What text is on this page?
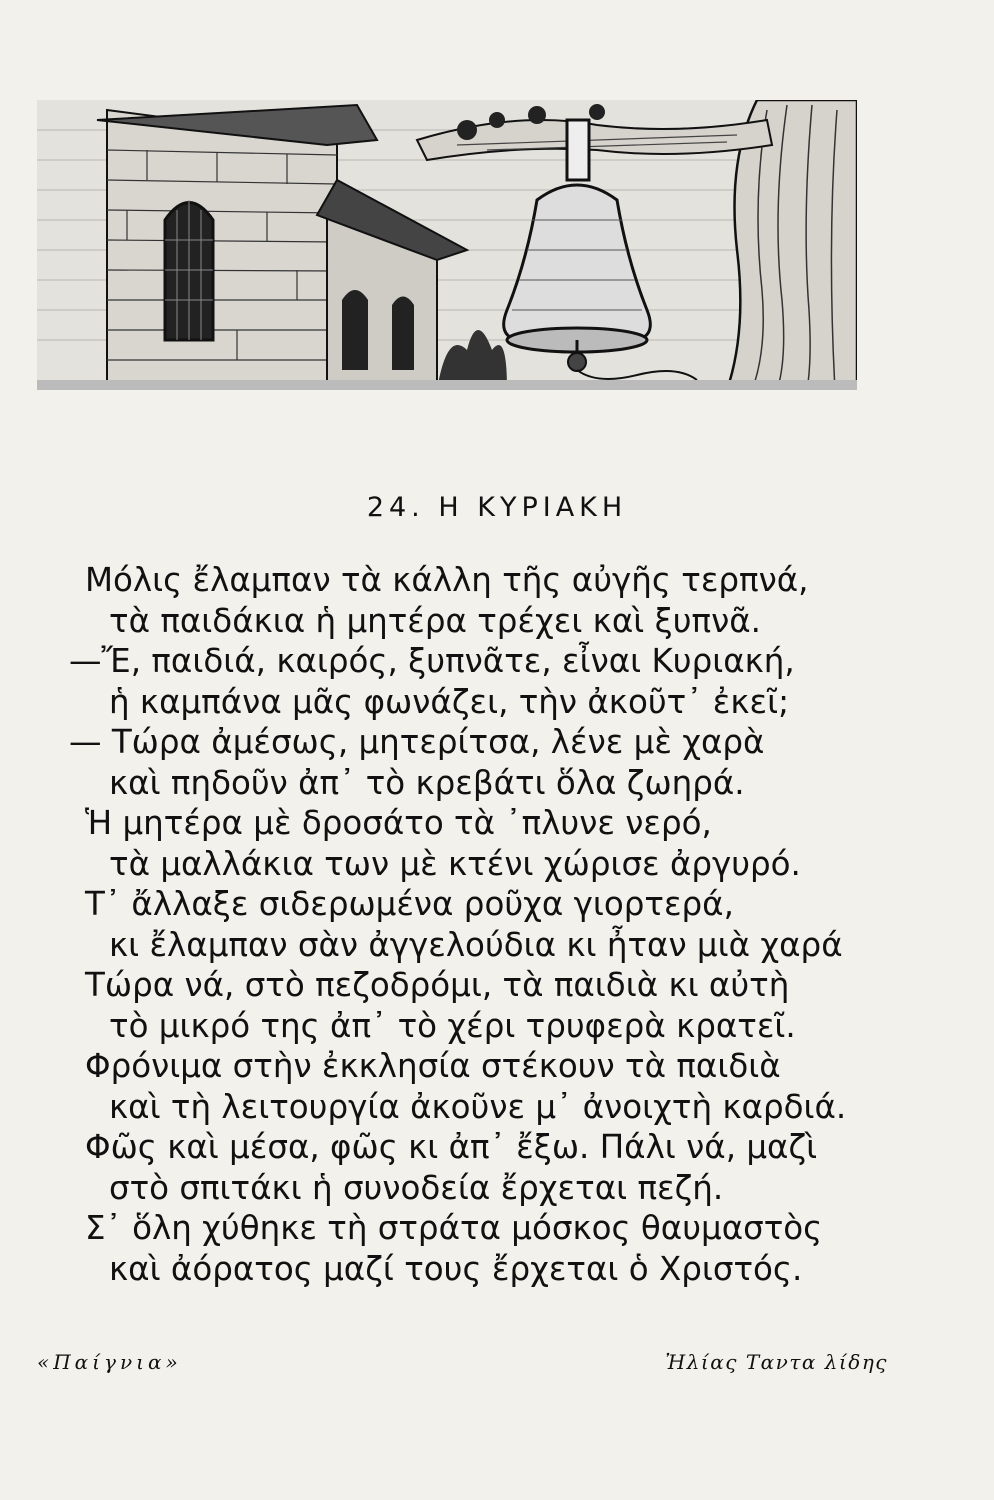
24. Η ΚΥΡΙΑΚΗ
Μόλις ἔλαμπαν τὰ κάλλη τῆς αὐγῆς τερπνά,
τὰ παιδάκια ἡ μητέρα τρέχει καὶ ξυπνᾶ.
—Ἔ, παιδιά, καιρός, ξυπνᾶτε, εἶναι Κυριακή,
ἡ καμπάνα μᾶς φωνάζει, τὴν ἀκοῦτ᾽ ἐκεῖ;
— Τώρα ἀμέσως, μητερίτσα, λένε μὲ χαρὰ
καὶ πηδοῦν ἀπ᾽ τὸ κρεβάτι ὅλα ζωηρά.
Ἡ μητέρα μὲ δροσάτο τὰ ᾽πλυνε νερό,
τὰ μαλλάκια των μὲ κτένι χώρισε ἀργυρό.
Τ᾽ ἄλλαξε σιδερωμένα ροῦχα γιορτερά,
κι ἔλαμπαν σὰν ἀγγελούδια κι ἦταν μιὰ χαρά
Τώρα νά, στὸ πεζοδρόμι, τὰ παιδιὰ κι αὐτὴ
τὸ μικρό της ἀπ᾽ τὸ χέρι τρυφερὰ κρατεῖ.
Φρόνιμα στὴν ἐκκλησία στέκουν τὰ παιδιὰ
καὶ τὴ λειτουργία ἀκοῦνε μ᾽ ἀνοιχτὴ καρδιά.
Φῶς καὶ μέσα, φῶς κι ἀπ᾽ ἔξω. Πάλι νά, μαζὶ
στὸ σπιτάκι ἡ συνοδεία ἔρχεται πεζή.
Σ᾽ ὅλη χύθηκε τὴ στράτα μόσκος θαυμαστὸς
καὶ ἀόρατος μαζί τους ἔρχεται ὁ Χριστός.
«Παίγνια»	Ἠλίας Ταντα λίδης
